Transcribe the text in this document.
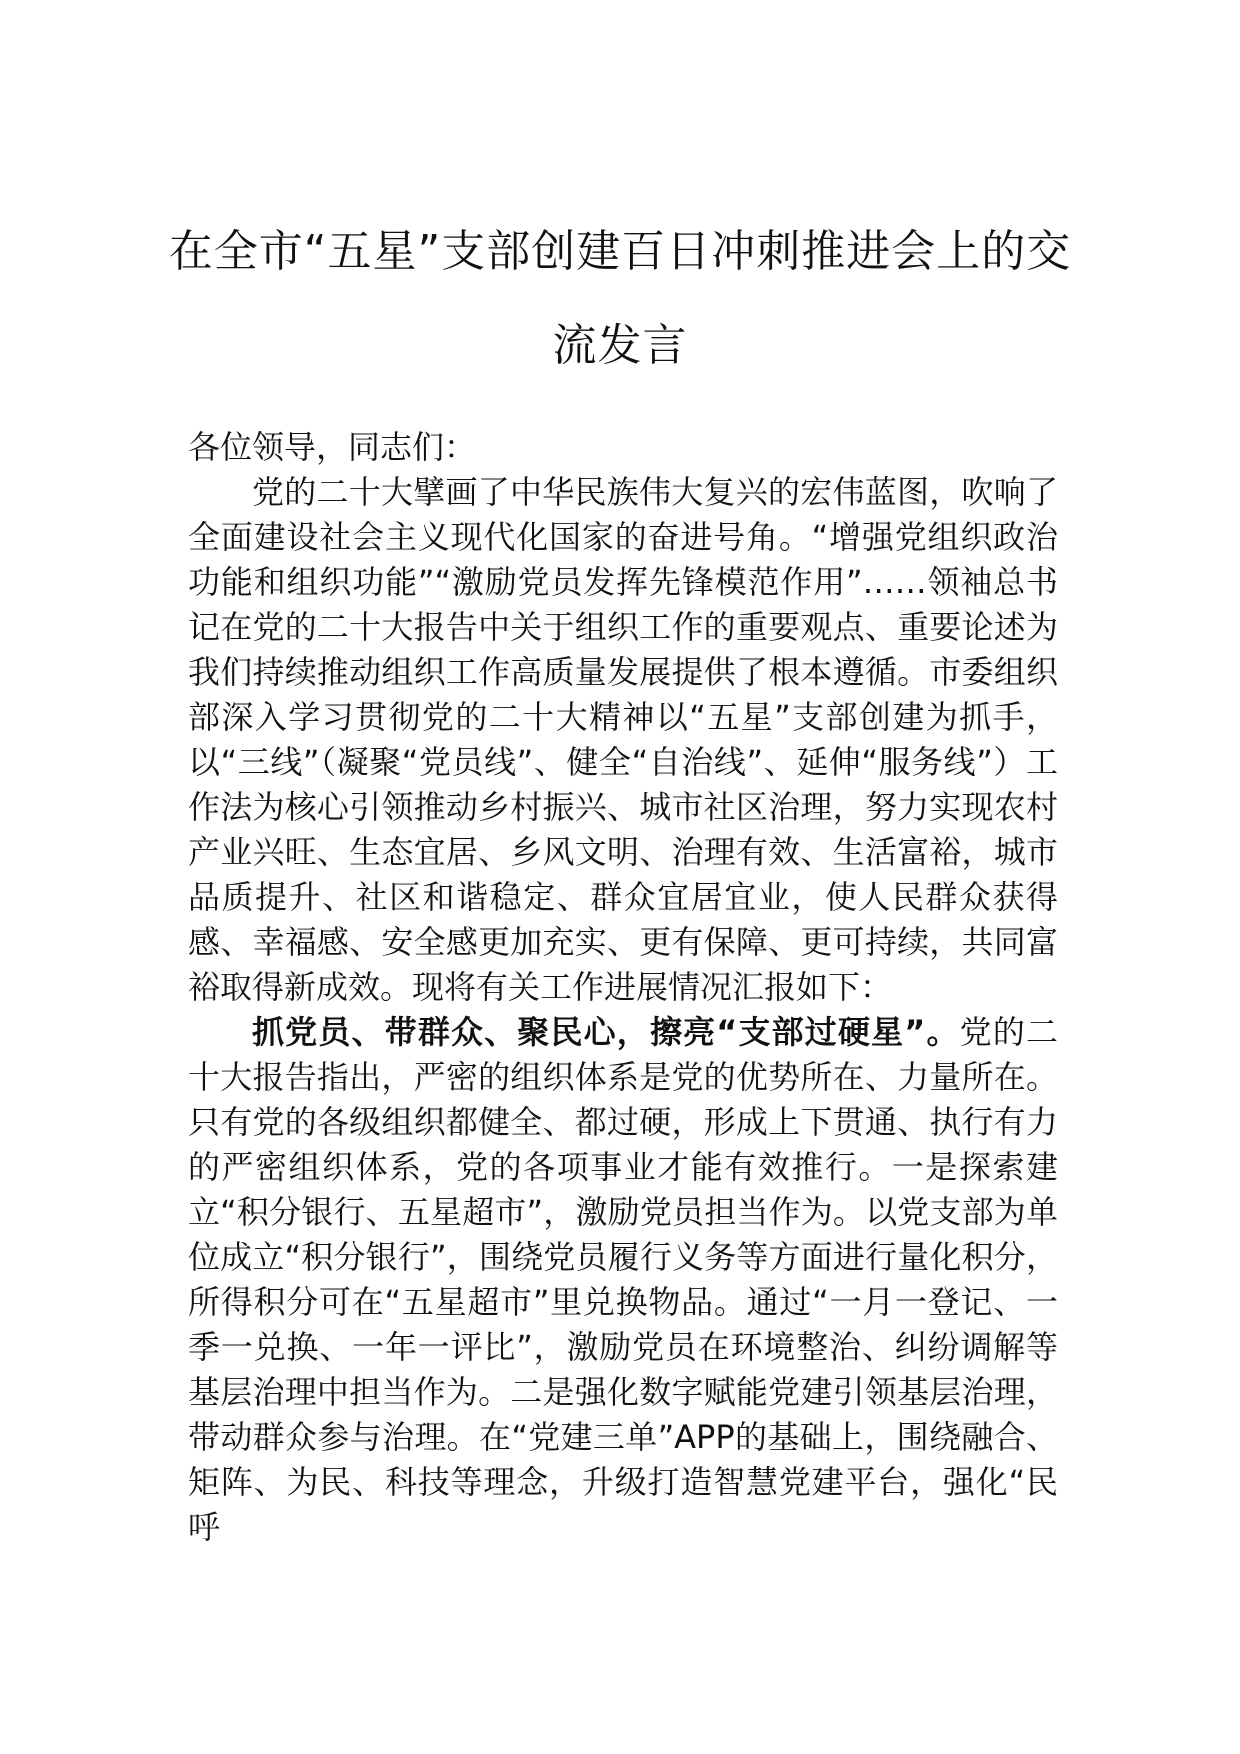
在全市“五星”支部创建百日冲刺推进会上的交流发言

各位领导，同志们：

党的二十大擘画了中华民族伟大复兴的宏伟蓝图，吹响了全面建设社会主义现代化国家的奋进号角。“增强党组织政治功能和组织功能”“激励党员发挥先锋模范作用”……领袖总书记在党的二十大报告中关于组织工作的重要观点、重要论述为我们持续推动组织工作高质量发展提供了根本遵循。市委组织部深入学习贯彻党的二十大精神以“五星”支部创建为抓手，以“三线”（凝聚“党员线”、健全“自治线”、延伸“服务线”）工作法为核心引领推动乡村振兴、城市社区治理，努力实现农村产业兴旺、生态宜居、乡风文明、治理有效、生活富裕，城市品质提升、社区和谐稳定、群众宜居宜业，使人民群众获得感、幸福感、安全感更加充实、更有保障、更可持续，共同富裕取得新成效。现将有关工作进展情况汇报如下：

抓党员、带群众、聚民心，擦亮“支部过硬星”。党的二十大报告指出，严密的组织体系是党的优势所在、力量所在。只有党的各级组织都健全、都过硬，形成上下贯通、执行有力的严密组织体系，党的各项事业才能有效推行。一是探索建立“积分银行、五星超市”，激励党员担当作为。以党支部为单位成立“积分银行”，围绕党员履行义务等方面进行量化积分，所得积分可在“五星超市”里兑换物品。通过“一月一登记、一季一兑换、一年一评比”，激励党员在环境整治、纠纷调解等基层治理中担当作为。二是强化数字赋能党建引领基层治理，带动群众参与治理。在“党建三单”APP的基础上，围绕融合、矩阵、为民、科技等理念，升级打造智慧党建平台，强化“民呼
